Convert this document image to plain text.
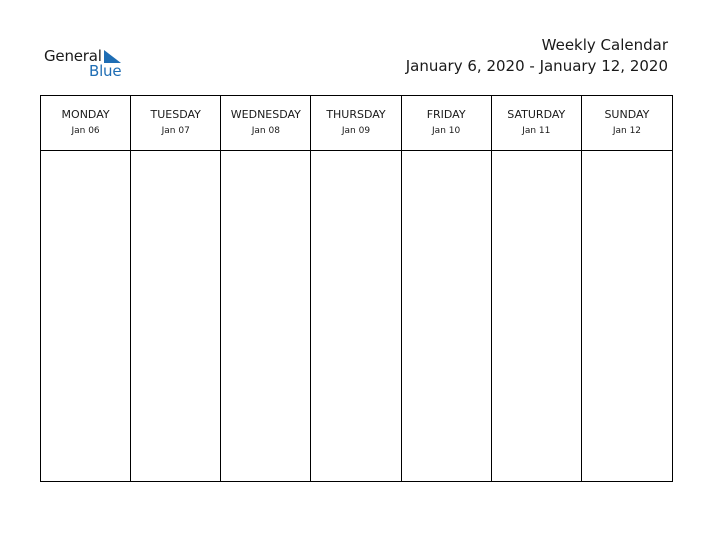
General
Blue
Weekly Calendar
January 6, 2020 - January 12, 2020
MONDAY
Jan 06
TUESDAY
Jan 07
WEDNESDAY
Jan 08
THURSDAY
Jan 09
FRIDAY
Jan 10
SATURDAY
Jan 11
SUNDAY
Jan 12
